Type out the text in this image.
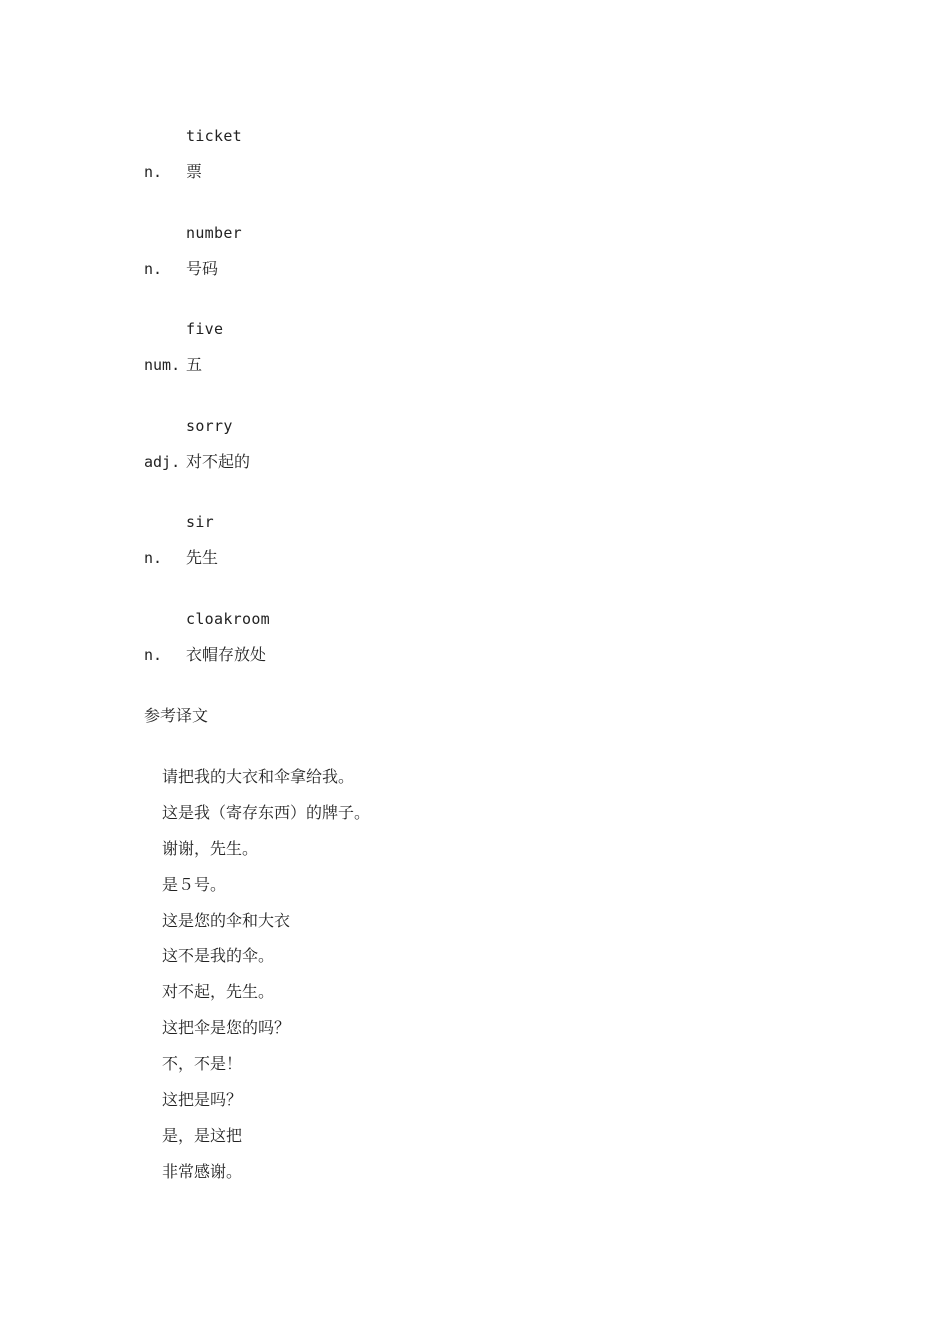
ticket
n. 票
number
n. 号码
five
num. 五
sorry
adj. 对不起的
sir
n. 先生
cloakroom
n. 衣帽存放处
参考译文
请把我的大衣和伞拿给我。
这是我（寄存东西）的牌子。
谢谢，先生。
是５号。
这是您的伞和大衣
这不是我的伞。
对不起，先生。
这把伞是您的吗？
不，不是！
这把是吗？
是，是这把
非常感谢。
